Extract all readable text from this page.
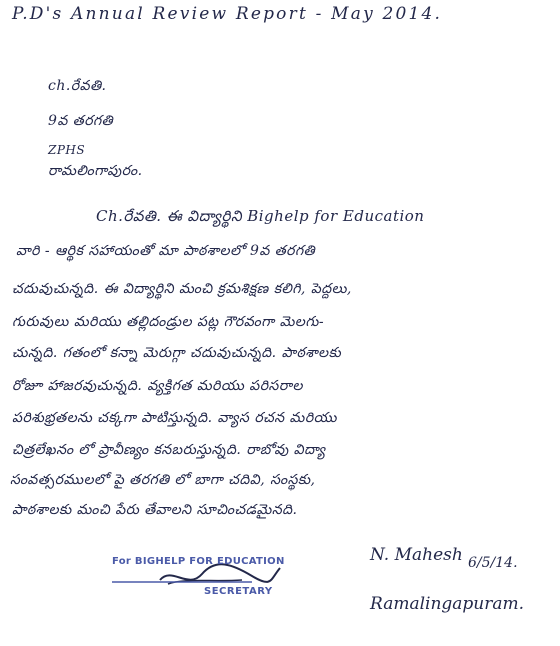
P.D's Annual Review Report - May 2014.
ch.రేవతి.
9వ తరగతి
ZPHS
రామలింగాపురం.
Ch.రేవతి. ఈ విద్యార్థిని Bighelp for Education
వారి - ఆర్థిక సహాయంతో మా పాఠశాలలో 9వ తరగతి
చదువుచున్నది. ఈ విద్యార్థిని మంచి క్రమశిక్షణ కలిగి, పెద్దలు,
గురువులు మరియు తల్లిదండ్రుల పట్ల గౌరవంగా మెలగు-
చున్నది. గతంలో కన్నా మెరుగ్గా చదువుచున్నది. పాఠశాలకు
రోజూ హాజరవుచున్నది. వ్యక్తిగత మరియు పరిసరాల
పరిశుభ్రతలను చక్కగా పాటిస్తున్నది. వ్యాస రచన మరియు
చిత్రలేఖనం లో ప్రావీణ్యం కనబరుస్తున్నది. రాబోవు విద్యా
సంవత్సరములలో పై తరగతి లో బాగా చదివి, సంస్థకు,
పాఠశాలకు మంచి పేరు తేవాలని సూచించడమైనది.
For BIGHELP FOR EDUCATION
SECRETARY
N. Mahesh 6/5/14.
Ramalingapuram.
